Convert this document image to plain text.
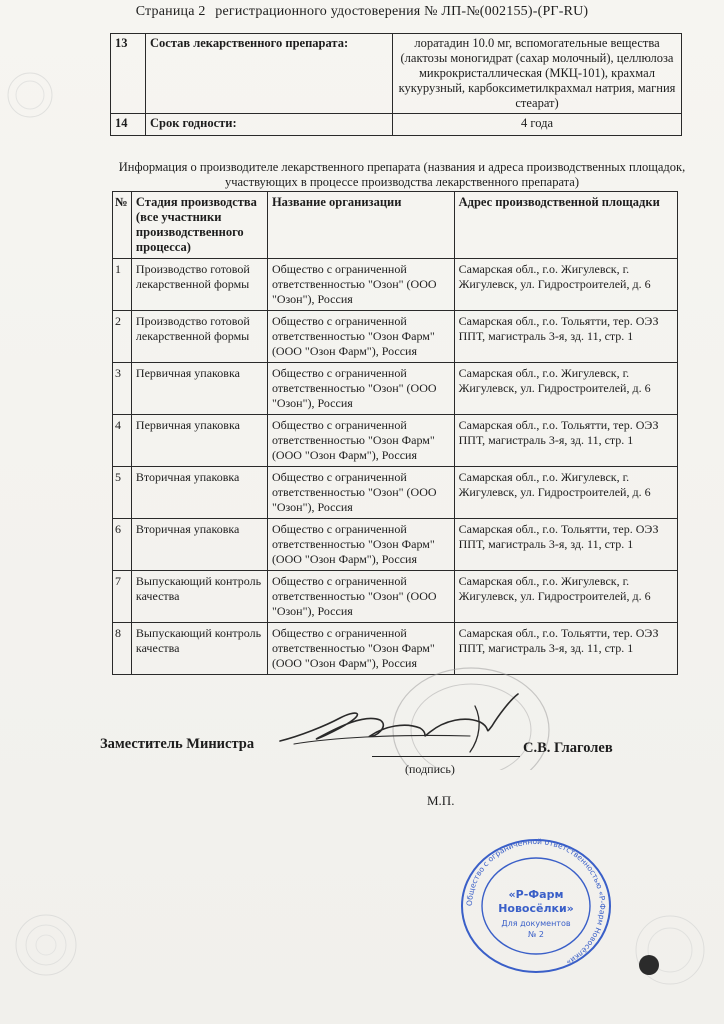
Страница 2 регистрационного удостоверения № ЛП-№(002155)-(РГ-RU)
13	Состав лекарственного препарата:	лоратадин 10.0 мг, вспомогательные вещества (лактозы моногидрат (сахар молочный), целлюлоза микрокристаллическая (МКЦ-101), крахмал кукурузный, карбоксиметилкрахмал натрия, магния стеарат)
14	Срок годности:	4 года
Информация о производителе лекарственного препарата (названия и адреса производственных площадок,
участвующих в процессе производства лекарственного препарата)
№	Стадия производства (все участники производственного процесса)	Название организации	Адрес производственной площадки
1	Производство готовой лекарственной формы	Общество с ограниченной ответственностью "Озон" (ООО "Озон"), Россия	Самарская обл., г.о. Жигулевск, г. Жигулевск, ул. Гидростроителей, д. 6
2	Производство готовой лекарственной формы	Общество с ограниченной ответственностью "Озон Фарм" (ООО "Озон Фарм"), Россия	Самарская обл., г.о. Тольятти, тер. ОЭЗ ППТ, магистраль 3-я, зд. 11, стр. 1
3	Первичная упаковка	Общество с ограниченной ответственностью "Озон" (ООО "Озон"), Россия	Самарская обл., г.о. Жигулевск, г. Жигулевск, ул. Гидростроителей, д. 6
4	Первичная упаковка	Общество с ограниченной ответственностью "Озон Фарм" (ООО "Озон Фарм"), Россия	Самарская обл., г.о. Тольятти, тер. ОЭЗ ППТ, магистраль 3-я, зд. 11, стр. 1
5	Вторичная упаковка	Общество с ограниченной ответственностью "Озон" (ООО "Озон"), Россия	Самарская обл., г.о. Жигулевск, г. Жигулевск, ул. Гидростроителей, д. 6
6	Вторичная упаковка	Общество с ограниченной ответственностью "Озон Фарм" (ООО "Озон Фарм"), Россия	Самарская обл., г.о. Тольятти, тер. ОЭЗ ППТ, магистраль 3-я, зд. 11, стр. 1
7	Выпускающий контроль качества	Общество с ограниченной ответственностью "Озон" (ООО "Озон"), Россия	Самарская обл., г.о. Жигулевск, г. Жигулевск, ул. Гидростроителей, д. 6
8	Выпускающий контроль качества	Общество с ограниченной ответственностью "Озон Фарм" (ООО "Озон Фарм"), Россия	Самарская обл., г.о. Тольятти, тер. ОЭЗ ППТ, магистраль 3-я, зд. 11, стр. 1
Заместитель Министра	С.В. Глаголев
(подпись)
М.П.
Общество с ограниченной ответственностью «Р-Фарм Новосёлки»
«Р-Фарм
Новосёлки»
Для документов
№ 2
